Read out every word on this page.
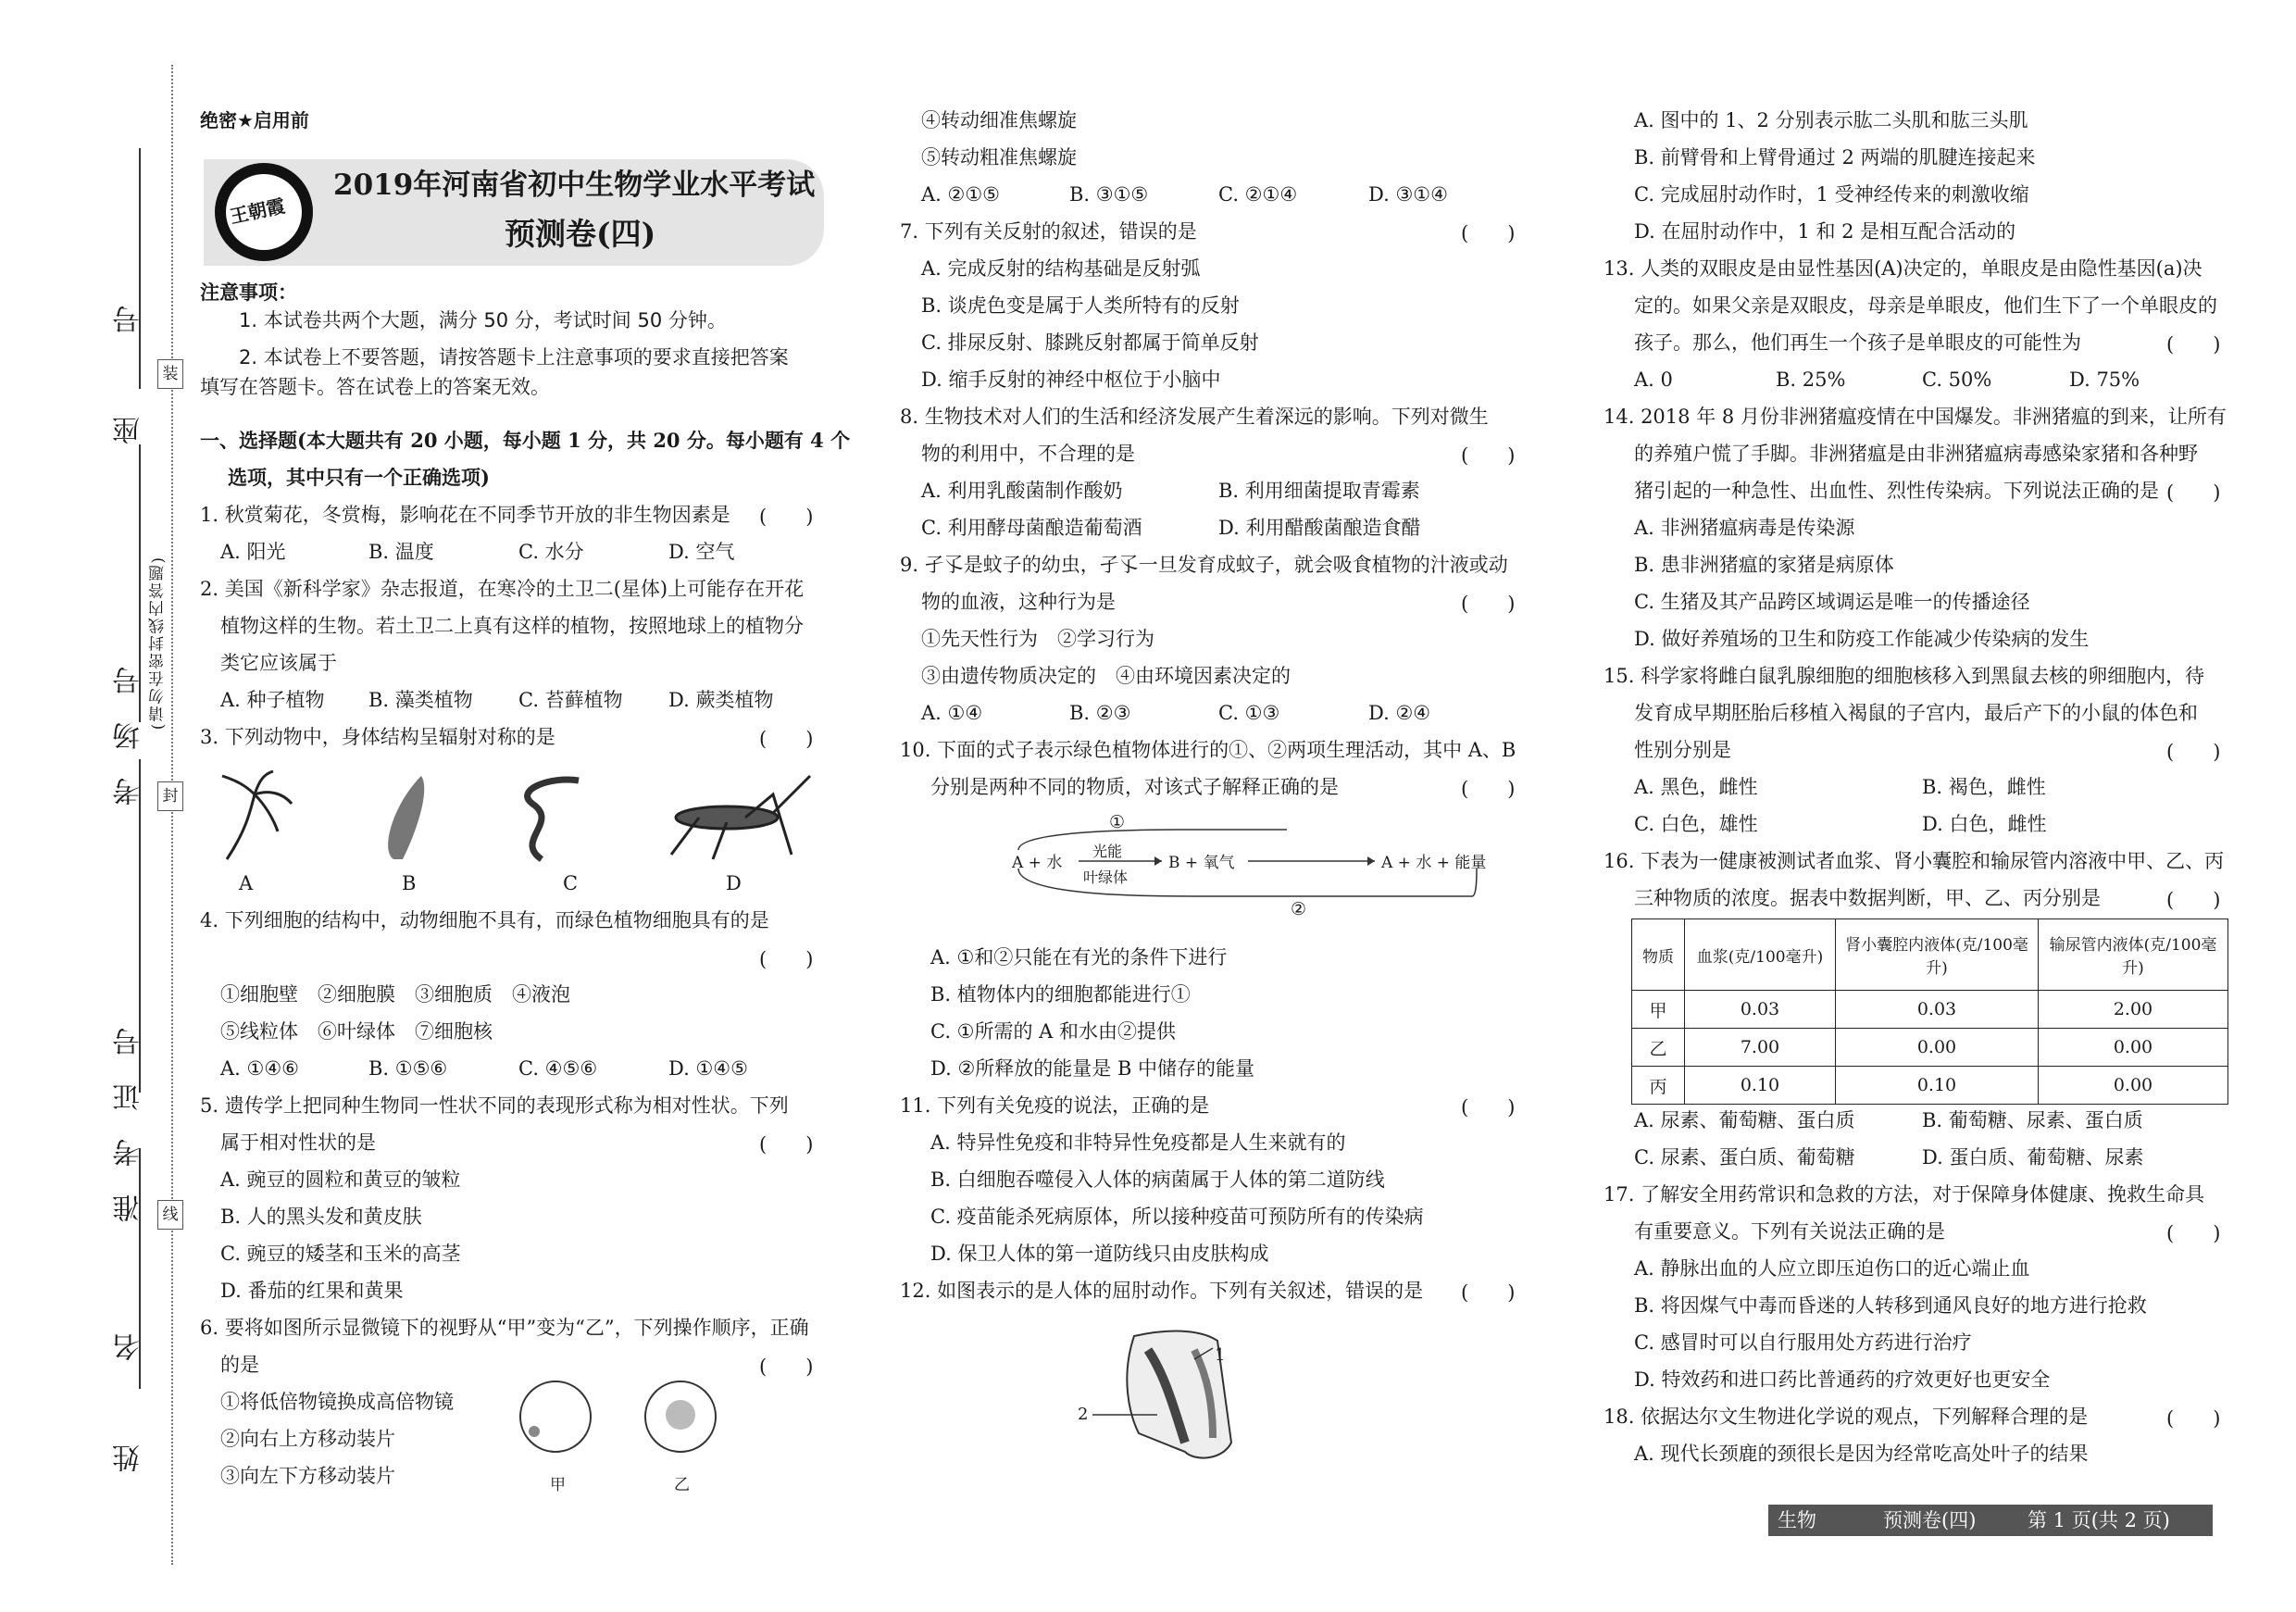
座　号
考场号
准考证号
姓　名
(请勿在密封线内答题)
装
封
线
绝密★启用前
王朝霞
2019年河南省初中生物学业水平考试
预测卷(四)
注意事项：
1. 本试卷共两个大题，满分 50 分，考试时间 50 分钟。
2. 本试卷上不要答题，请按答题卡上注意事项的要求直接把答案
填写在答题卡。答在试卷上的答案无效。
一、选择题(本大题共有 20 小题，每小题 1 分，共 20 分。每小题有 4 个
选项，其中只有一个正确选项)
1. 秋赏菊花，冬赏梅，影响花在不同季节开放的非生物因素是 (　　)
A. 阳光	B. 温度	C. 水分	D. 空气
2. 美国《新科学家》杂志报道，在寒冷的土卫二(星体)上可能存在开花
植物这样的生物。若土卫二上真有这样的植物，按照地球上的植物分
类它应该属于
A. 种子植物 B. 藻类植物 C. 苔藓植物 D. 蕨类植物
3. 下列动物中，身体结构呈辐射对称的是	(　　)
A	B	C	D
4. 下列细胞的结构中，动物细胞不具有，而绿色植物细胞具有的是
(　　)
①细胞壁　②细胞膜　③细胞质　④液泡
⑤线粒体　⑥叶绿体　⑦细胞核
A. ①④⑥	B. ①⑤⑥	C. ④⑤⑥	D. ①④⑤
5. 遗传学上把同种生物同一性状不同的表现形式称为相对性状。下列
属于相对性状的是	(　　)
A. 豌豆的圆粒和黄豆的皱粒
B. 人的黑头发和黄皮肤
C. 豌豆的矮茎和玉米的高茎
D. 番茄的红果和黄果
6. 要将如图所示显微镜下的视野从“甲”变为“乙”，下列操作顺序，正确
的是	(　　)
①将低倍物镜换成高倍物镜
②向右上方移动装片
③向左下方移动装片	甲	乙
④转动细准焦螺旋
⑤转动粗准焦螺旋
A. ②①⑤	B. ③①⑤	C. ②①④	D. ③①④
7. 下列有关反射的叙述，错误的是	(　　)
A. 完成反射的结构基础是反射弧
B. 谈虎色变是属于人类所特有的反射
C. 排尿反射、膝跳反射都属于简单反射
D. 缩手反射的神经中枢位于小脑中
8. 生物技术对人们的生活和经济发展产生着深远的影响。下列对微生
物的利用中，不合理的是	(　　)
A. 利用乳酸菌制作酸奶	B. 利用细菌提取青霉素
C. 利用酵母菌酿造葡萄酒	D. 利用醋酸菌酿造食醋
9. 孑孓是蚊子的幼虫，孑孓一旦发育成蚊子，就会吸食植物的汁液或动
物的血液，这种行为是	(　　)
①先天性行为　②学习行为
③由遗传物质决定的　④由环境因素决定的
A. ①④	B. ②③	C. ①③	D. ②④
10. 下面的式子表示绿色植物体进行的①、②两项生理活动，其中 A、B
分别是两种不同的物质，对该式子解释正确的是	(　　)
①
A + 水
光能
叶绿体
B + 氧气	A + 水 + 能量
②
A. ①和②只能在有光的条件下进行
B. 植物体内的细胞都能进行①
C. ①所需的 A 和水由②提供
D. ②所释放的能量是 B 中储存的能量
11. 下列有关免疫的说法，正确的是	(　　)
A. 特异性免疫和非特异性免疫都是人生来就有的
B. 白细胞吞噬侵入人体的病菌属于人体的第二道防线
C. 疫苗能杀死病原体，所以接种疫苗可预防所有的传染病
D. 保卫人体的第一道防线只由皮肤构成
12. 如图表示的是人体的屈肘动作。下列有关叙述，错误的是 (　　)
1
2
A. 图中的 1、2 分别表示肱二头肌和肱三头肌
B. 前臂骨和上臂骨通过 2 两端的肌腱连接起来
C. 完成屈肘动作时，1 受神经传来的刺激收缩
D. 在屈肘动作中，1 和 2 是相互配合活动的
13. 人类的双眼皮是由显性基因(A)决定的，单眼皮是由隐性基因(a)决
定的。如果父亲是双眼皮，母亲是单眼皮，他们生下了一个单眼皮的
孩子。那么，他们再生一个孩子是单眼皮的可能性为	(　　)
A. 0	B. 25%	C. 50%	D. 75%
14. 2018 年 8 月份非洲猪瘟疫情在中国爆发。非洲猪瘟的到来，让所有
的养殖户慌了手脚。非洲猪瘟是由非洲猪瘟病毒感染家猪和各种野
猪引起的一种急性、出血性、烈性传染病。下列说法正确的是 (　　)
A. 非洲猪瘟病毒是传染源
B. 患非洲猪瘟的家猪是病原体
C. 生猪及其产品跨区域调运是唯一的传播途径
D. 做好养殖场的卫生和防疫工作能减少传染病的发生
15. 科学家将雌白鼠乳腺细胞的细胞核移入到黑鼠去核的卵细胞内，待
发育成早期胚胎后移植入褐鼠的子宫内，最后产下的小鼠的体色和
性别分别是	(　　)
A. 黑色，雌性	B. 褐色，雌性
C. 白色，雄性	D. 白色，雌性
16. 下表为一健康被测试者血浆、肾小囊腔和输尿管内溶液中甲、乙、丙
三种物质的浓度。据表中数据判断，甲、乙、丙分别是	(　　)
物质	血浆(克/100毫升)	肾小囊腔内液体(克/100毫升)	输尿管内液体(克/100毫升)
甲	0.03	0.03	2.00
乙	7.00	0.00	0.00
丙	0.10	0.10	0.00
A. 尿素、葡萄糖、蛋白质	B. 葡萄糖、尿素、蛋白质
C. 尿素、蛋白质、葡萄糖	D. 蛋白质、葡萄糖、尿素
17. 了解安全用药常识和急救的方法，对于保障身体健康、挽救生命具
有重要意义。下列有关说法正确的是	(　　)
A. 静脉出血的人应立即压迫伤口的近心端止血
B. 将因煤气中毒而昏迷的人转移到通风良好的地方进行抢救
C. 感冒时可以自行服用处方药进行治疗
D. 特效药和进口药比普通药的疗效更好也更安全
18. 依据达尔文生物进化学说的观点，下列解释合理的是	(　　)
A. 现代长颈鹿的颈很长是因为经常吃高处叶子的结果
生物	预测卷(四)	第 1 页(共 2 页)
